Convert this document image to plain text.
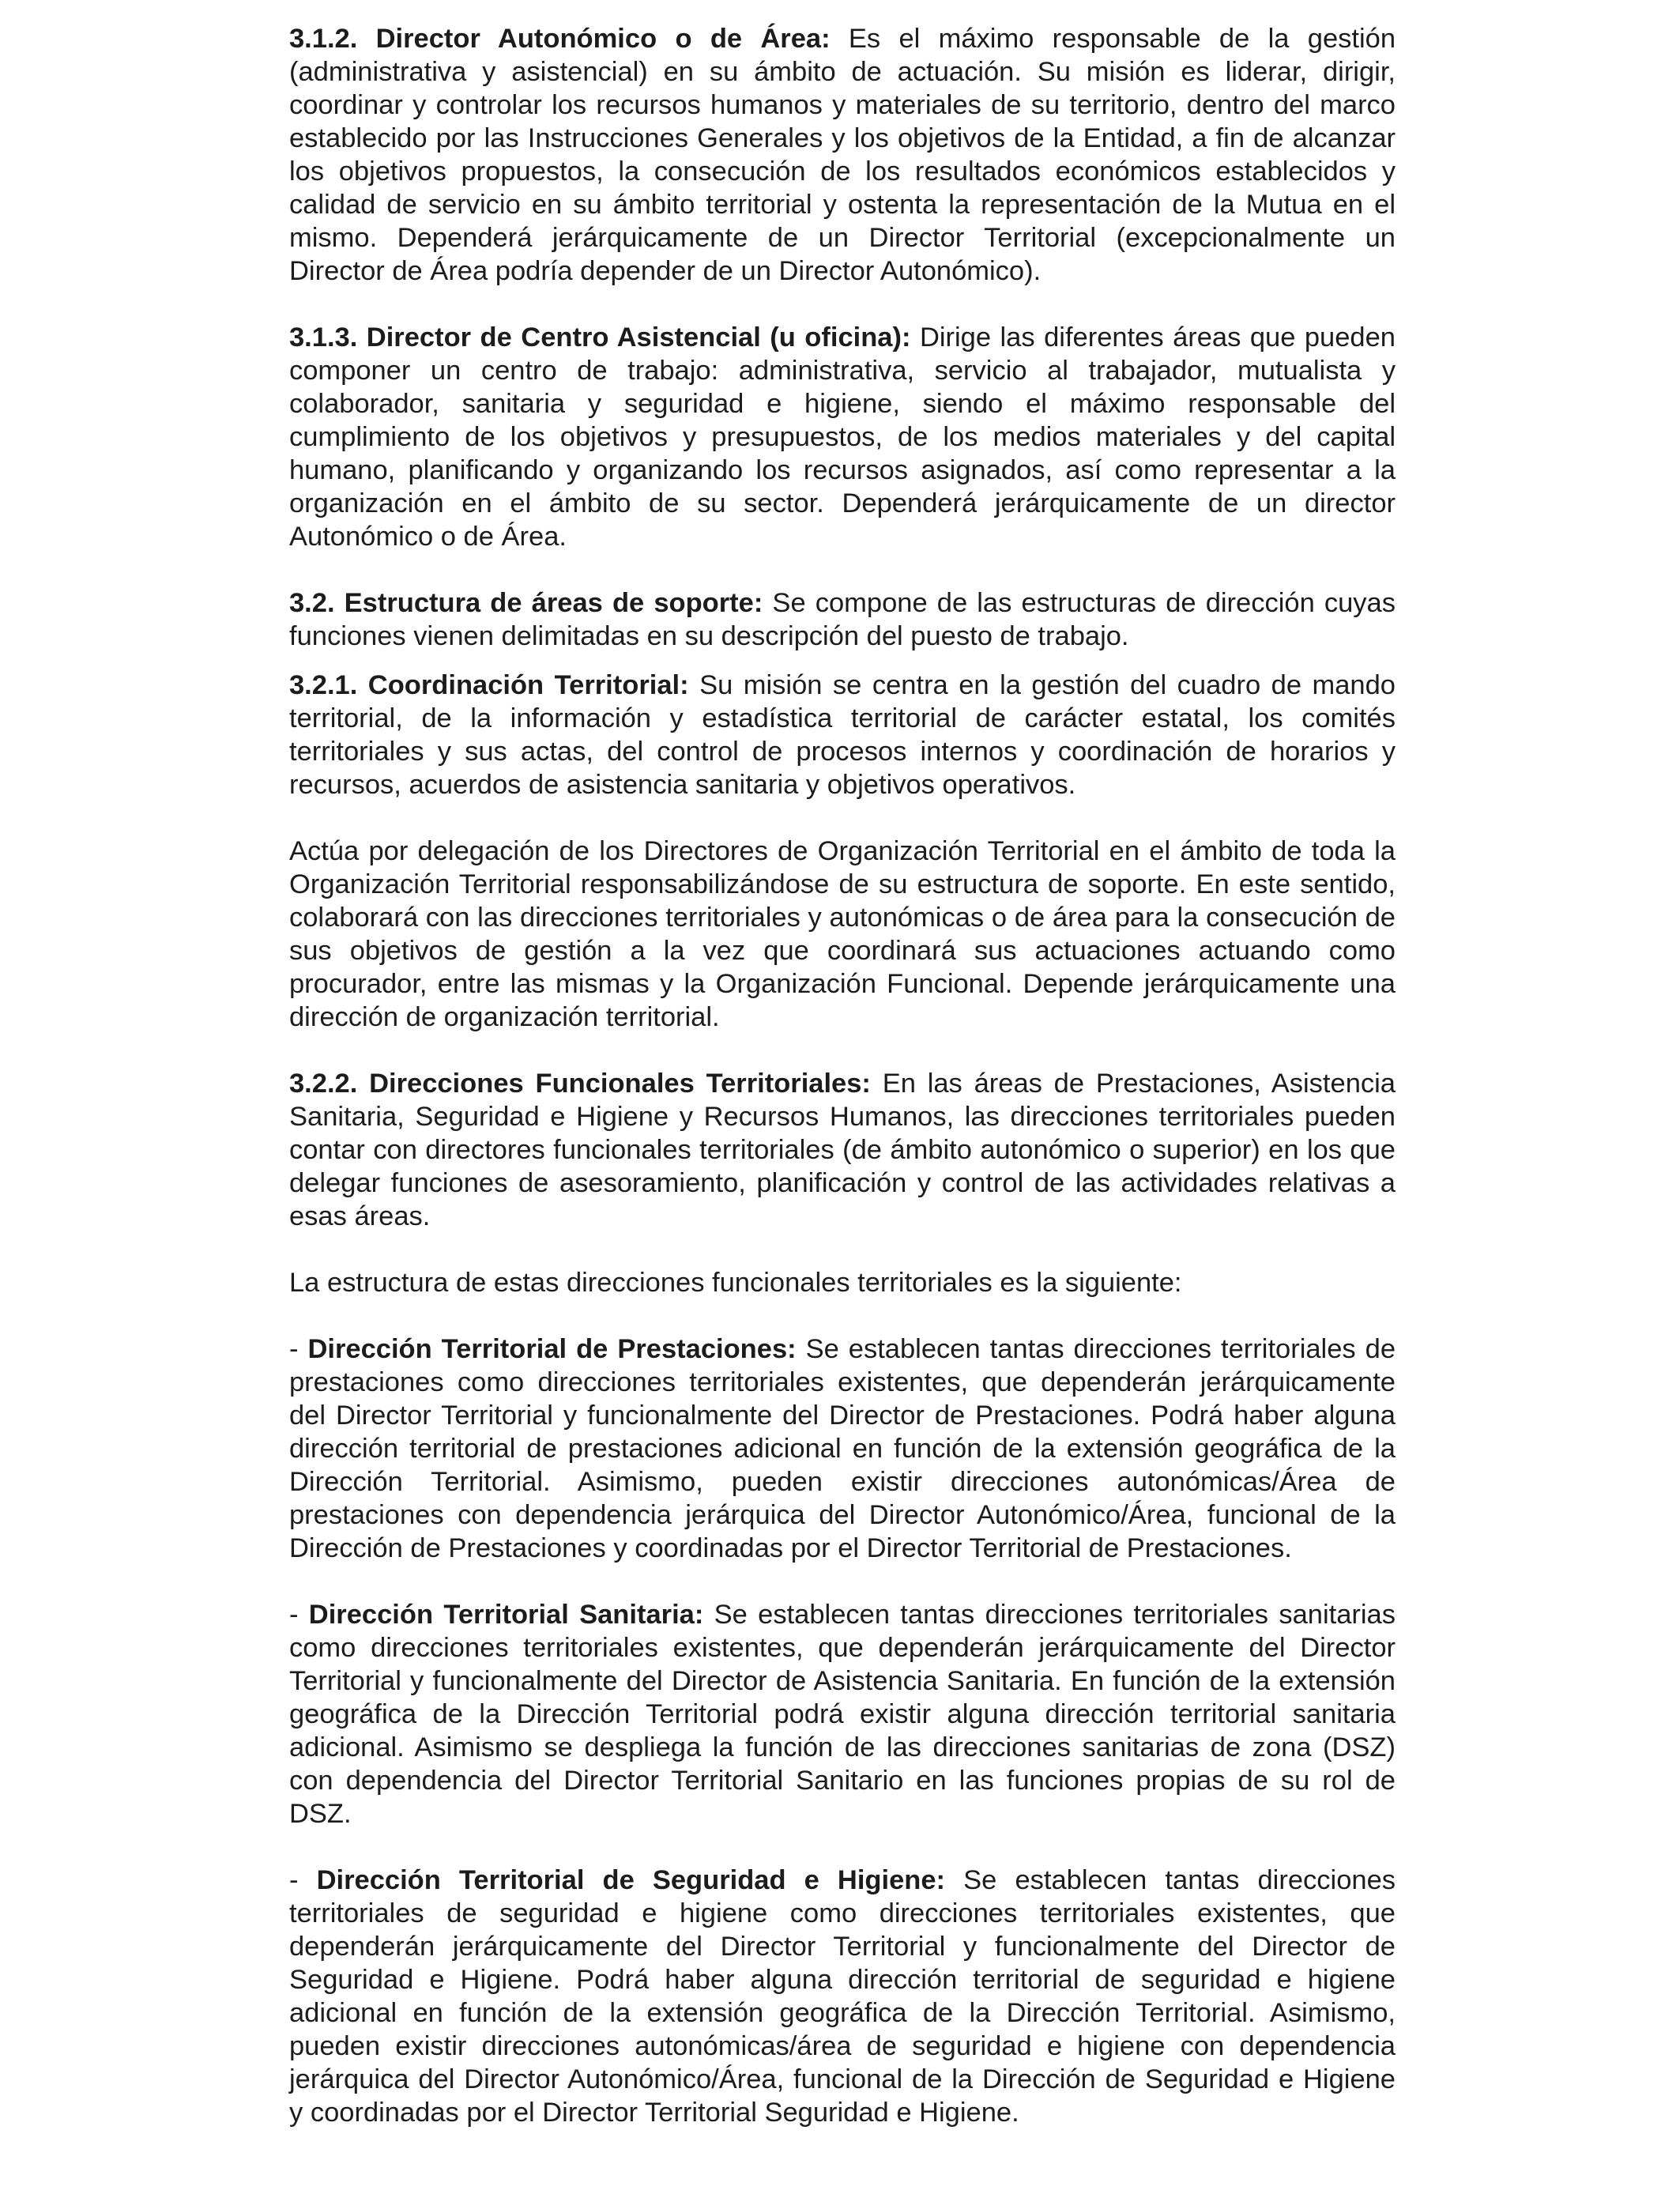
3.1.2. Director Autonómico o de Área: Es el máximo responsable de la gestión (administrativa y asistencial) en su ámbito de actuación. Su misión es liderar, dirigir, coordinar y controlar los recursos humanos y materiales de su territorio, dentro del marco establecido por las Instrucciones Generales y los objetivos de la Entidad, a fin de alcanzar los objetivos propuestos, la consecución de los resultados económicos establecidos y calidad de servicio en su ámbito territorial y ostenta la representación de la Mutua en el mismo. Dependerá jerárquicamente de un Director Territorial (excepcionalmente un Director de Área podría depender de un Director Autonómico).

3.1.3. Director de Centro Asistencial (u oficina): Dirige las diferentes áreas que pueden componer un centro de trabajo: administrativa, servicio al trabajador, mutualista y colaborador, sanitaria y seguridad e higiene, siendo el máximo responsable del cumplimiento de los objetivos y presupuestos, de los medios materiales y del capital humano, planificando y organizando los recursos asignados, así como representar a la organización en el ámbito de su sector. Dependerá jerárquicamente de un director Autonómico o de Área.

3.2. Estructura de áreas de soporte: Se compone de las estructuras de dirección cuyas funciones vienen delimitadas en su descripción del puesto de trabajo.

3.2.1. Coordinación Territorial: Su misión se centra en la gestión del cuadro de mando territorial, de la información y estadística territorial de carácter estatal, los comités territoriales y sus actas, del control de procesos internos y coordinación de horarios y recursos, acuerdos de asistencia sanitaria y objetivos operativos.

Actúa por delegación de los Directores de Organización Territorial en el ámbito de toda la Organización Territorial responsabilizándose de su estructura de soporte. En este sentido, colaborará con las direcciones territoriales y autonómicas o de área para la consecución de sus objetivos de gestión a la vez que coordinará sus actuaciones actuando como procurador, entre las mismas y la Organización Funcional. Depende jerárquicamente una dirección de organización territorial.

3.2.2. Direcciones Funcionales Territoriales: En las áreas de Prestaciones, Asistencia Sanitaria, Seguridad e Higiene y Recursos Humanos, las direcciones territoriales pueden contar con directores funcionales territoriales (de ámbito autonómico o superior) en los que delegar funciones de asesoramiento, planificación y control de las actividades relativas a esas áreas.

La estructura de estas direcciones funcionales territoriales es la siguiente:

- Dirección Territorial de Prestaciones: Se establecen tantas direcciones territoriales de prestaciones como direcciones territoriales existentes, que dependerán jerárquicamente del Director Territorial y funcionalmente del Director de Prestaciones. Podrá haber alguna dirección territorial de prestaciones adicional en función de la extensión geográfica de la Dirección Territorial. Asimismo, pueden existir direcciones autonómicas/Área de prestaciones con dependencia jerárquica del Director Autonómico/Área, funcional de la Dirección de Prestaciones y coordinadas por el Director Territorial de Prestaciones.

- Dirección Territorial Sanitaria: Se establecen tantas direcciones territoriales sanitarias como direcciones territoriales existentes, que dependerán jerárquicamente del Director Territorial y funcionalmente del Director de Asistencia Sanitaria. En función de la extensión geográfica de la Dirección Territorial podrá existir alguna dirección territorial sanitaria adicional. Asimismo se despliega la función de las direcciones sanitarias de zona (DSZ) con dependencia del Director Territorial Sanitario en las funciones propias de su rol de DSZ.

- Dirección Territorial de Seguridad e Higiene: Se establecen tantas direcciones territoriales de seguridad e higiene como direcciones territoriales existentes, que dependerán jerárquicamente del Director Territorial y funcionalmente del Director de Seguridad e Higiene. Podrá haber alguna dirección territorial de seguridad e higiene adicional en función de la extensión geográfica de la Dirección Territorial. Asimismo, pueden existir direcciones autonómicas/área de seguridad e higiene con dependencia jerárquica del Director Autonómico/Área, funcional de la Dirección de Seguridad e Higiene y coordinadas por el Director Territorial Seguridad e Higiene.
